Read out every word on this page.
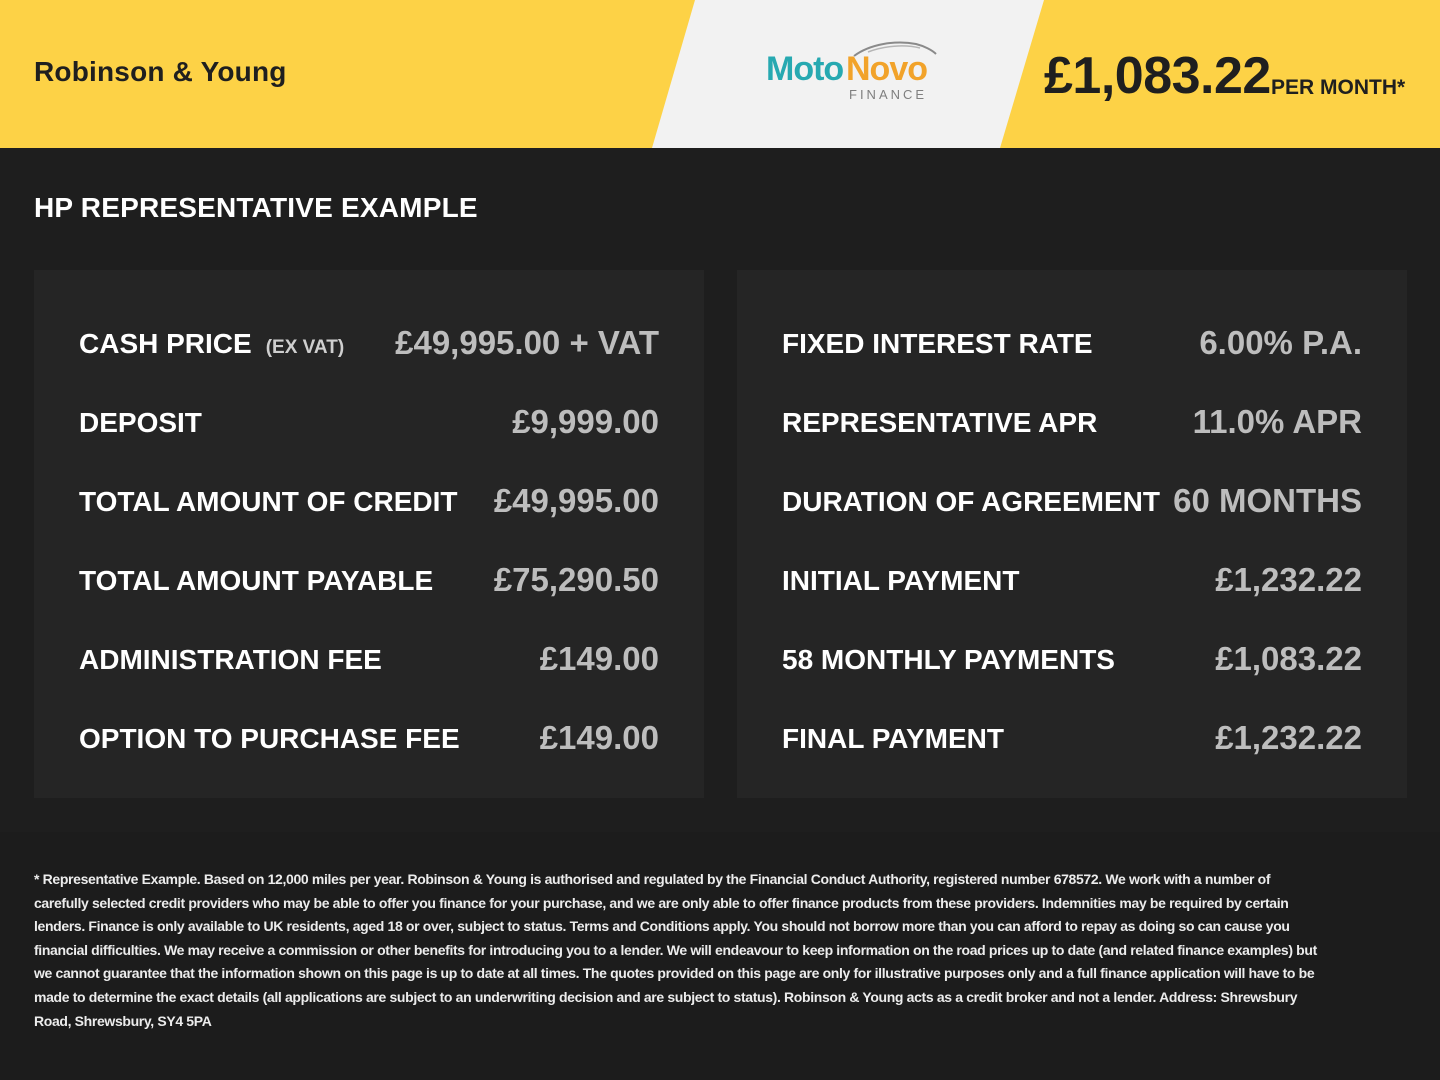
Robinson & Young	Moto Novo
FINANCE £1,083.22 PER MONTH*
HP REPRESENTATIVE EXAMPLE
CASH PRICE (EX VAT) £49,995.00 + VAT
DEPOSIT	£9,999.00
TOTAL AMOUNT OF CREDIT £49,995.00
TOTAL AMOUNT PAYABLE £75,290.50
ADMINISTRATION FEE	£149.00
OPTION TO PURCHASE FEE £149.00
FIXED INTEREST RATE	6.00% P.A.
REPRESENTATIVE APR	11.0% APR
DURATION OF AGREEMENT 60 MONTHS
INITIAL PAYMENT	£1,232.22
58 MONTHLY PAYMENTS	£1,083.22
FINAL PAYMENT	£1,232.22

* Representative Example. Based on 12,000 miles per year. Robinson & Young is authorised and regulated by the Financial Conduct Authority, registered number 678572. We work with a number of carefully selected credit providers who may be able to offer you finance for your purchase, and we are only able to offer finance products from these providers. Indemnities may be required by certain lenders. Finance is only available to UK residents, aged 18 or over, subject to status. Terms and Conditions apply. You should not borrow more than you can afford to repay as doing so can cause you financial difficulties. We may receive a commission or other benefits for introducing you to a lender. We will endeavour to keep information on the road prices up to date (and related finance examples) but we cannot guarantee that the information shown on this page is up to date at all times. The quotes provided on this page are only for illustrative purposes only and a full finance application will have to be made to determine the exact details (all applications are subject to an underwriting decision and are subject to status). Robinson & Young acts as a credit broker and not a lender. Address: Shrewsbury Road, Shrewsbury, SY4 5PA
